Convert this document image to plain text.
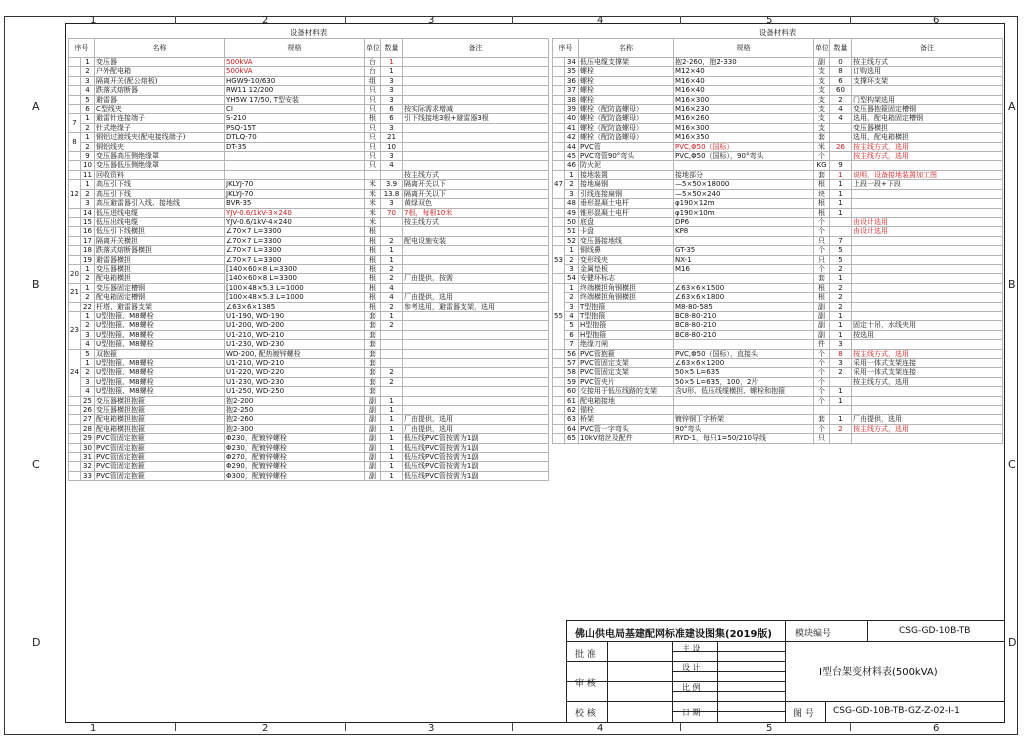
1	2	3	4	5	6
1	2	3	4	5	6
A
B
C
D
A
B
C
D
设备材料表						
序号		名称	规格	单位	数量	备注
	1	变压器	500kVA	台	1	
	2	户外配电箱	500kVA	台	1	
	3	隔离开关(配公熔板)	HGW9-10/630	组	3	
	4	跌落式熔断器	RW11 12/200	只	3	
	5	避雷器	YH5W 17/50, T型安装	只	3	
	6	C型线夹	CI	只	6	按实际需求增减
7	1	避雷针连接端子	S-210	根	6	引下线接地3根+避雷器3根
	2	针式绝缘子	PSQ-15T	只	3	
8	1	铜铝过渡线夹(配电接线端子)	DTLQ-70	只	21	
	2	铜铝线夹	DT-35	只	10	
	9	变压器高压侧绝缘罩		只	3	
	10	变压器低压侧绝缘罩		只	4	
	11	回收资料				按主线方式
12	1	高压引下线	JKLYJ-70	米	3.9	隔离开关以下
	2	高压引下线	JKLYJ-70	米	13.8	隔离开关以下
	3	高压避雷器引入线、接地线	BVR-35	米	3	黄绿双色
	14	低压进线电缆	YJV-0.6/1kV-3×240	米	70	7根，每根10米
	15	低压出线电缆	YJV-0.6/1kV-4×240	米		按主线方式
	16	低压引下线横担	∠70×7 L=3300	根		
	17	隔离开关横担	∠70×7 L=3300	根	2	配电设施安装
	18	跌落式熔断器横担	∠70×7 L=3300	根	1	
	19	避雷器横担	∠70×7 L=3300	根	1	
20	1	变压器横担	[140×60×8 L=3300	根	2	
	2	配电箱横担	[140×60×8 L=3300	根	2	厂由提供，按需
21	1	变压器固定槽钢	[100×48×5.3 L=1000	根	4	
	2	配电箱固定槽钢	[100×48×5.3 L=1000	根	4	厂由提供，选用
	22	杆塔、避雷器支架	∠63×6×1385	根	2	参考选用，避雷器支架，选用
23	1	U型抱箍、M8螺栓	U1-190, WD-190	套	1	
	2	U型抱箍、M8螺栓	U1-200, WD-200	套	2	
	3	U型抱箍、M8螺栓	U1-210, WD-210	套		
	4	U型抱箍、M8螺栓	U1-230, WD-230	套		
24	5	双抱箍	WD-200, 配热镀锌螺栓	套		
	1	U型抱箍、M8螺栓	U1-210, WD-210	套		
	2	U型抱箍、M8螺栓	U1-220, WD-220	套	2	
	3	U型抱箍、M8螺栓	U1-230, WD-230	套	2	
	4	U型抱箍、M8螺栓	U1-250, WD-250	套		
	25	变压器横担抱箍	抱2-200	副	1	
	26	变压器横担抱箍	抱2-250	副	1	
	27	配电箱横担抱箍	抱2-260	副	1	厂由提供，选用
	28	配电箱横担抱箍	抱2-300	副	1	厂由提供，选用
	29	PVC管固定抱箍	Φ230，配镀锌螺栓	副	1	低压线PVC管按需为1副
	30	PVC管固定抱箍	Φ230，配镀锌螺栓	副	1	低压线PVC管按需为1副
	31	PVC管固定抱箍	Φ270，配镀锌螺栓	副	1	低压线PVC管按需为1副
	32	PVC管固定抱箍	Φ290，配镀锌螺栓	副	1	低压线PVC管按需为1副
	33	PVC管固定抱箍	Φ300，配镀锌螺栓	副	1	低压线PVC管按需为1副
设备材料表						
序号		名称	规格	单位	数量	备注
	34	低压电缆支撑架	抱2-260，抱2-330	副	0	按主线方式
	35	螺栓	M12×40	支	8	订购选用
	36	螺栓	M16×40	支	6	支撑环支架
	37	螺栓	M16×40	支	60	
	38	螺栓	M16×300	支	2	门型构架选用
	39	螺栓（配防盗螺母）	M16×230	支	4	变压器抱箍固定槽钢
	40	螺栓（配防盗螺母）	M16×260	支	4	选用，配电箱固定槽钢
	41	螺栓（配防盗螺母）	M16×300	支		变压器横担
	42	螺栓（配防盗螺母）	M16×350	套		选用，配电箱横担
	44	PVC管	PVC,Φ50（国标）	米	26	按主线方式，选用
	45	PVC弯管90°弯头	PVC,Φ50（国标），90°弯头	个		按主线方式，选用
	46	防火泥		KG	9	
47	1	接地装置	接地部分	套	1	说明，设备接地装置加工图
	2	接地扁钢	—5×50×18000	根	1	上段一段+下段
	3	引线连接扁钢	—5×50×240	块	1	
	48	垂形混凝土电杆	φ190×12m	根	1	
	49	锥形混凝土电杆	φ190×10m	根	1	
	50	底盘	DP6	个		由设计选用
	51	卡盘	KP8	个		由设计选用
	52	变压器接地线		只	7	
53	1	铜线鼻	GT-35	个	5	
	2	变形线夹	NX-1	只	5	
	3	金属垫板	M16	个	2	
	54	安健环标志		套	1	
55	1	终端横担角钢横担	∠63×6×1500	根	2	
	2	终端横担角钢横担	∠63×6×1800	根	2	
	3	T型抱箍	M8-80-585	副	2	
	4	T型抱箍	BC8-80-210	副	1	
	5	H型抱箍	BC8-80-210	副	1	固定十吊，水线夹用
	6	H型抱箍	BC8-80-210	副	1	按选用
	7	绝缘刀闸		件	3	
	56	PVC管抱箍	PVC,Φ50（国标），直接头	个	8	按主线方式，选用
	57	PVC管固定支架	∠63×6×1200	个	3	采用一体式支架连接
	58	PVC管固定支架	50×5 L=635	个	2	采用一体式支架连接
	59	PVC管夹片	50×5 L=635，100，2片	个		按主线方式，选用
	60	交接用于低压线路的支架	含U形、低压线缆横担、螺栓和抱箍	个	1	
	61	配电箱接地		个	1	
	62	锚栓				
	63	桥架	镀锌钢丁字桥架	套	1	厂由提供，选用
	64	PVC管一字弯头	90°弯头	个	2	按主线方式，选用
	65	10kV熔丝及配件	RYD-1，每只1=50/210导线	只		
佛山供电局基建配网标准建设图集(2019版)	模块编号	CSG-GD-10B-TB
Ⅰ型台架变材料表(500kVA)
图 号 CSG-GD-10B-TB-GZ-Z-02-Ⅰ-1
批 准
审 核
校 核
主 设
设 计
比 例
日 期
